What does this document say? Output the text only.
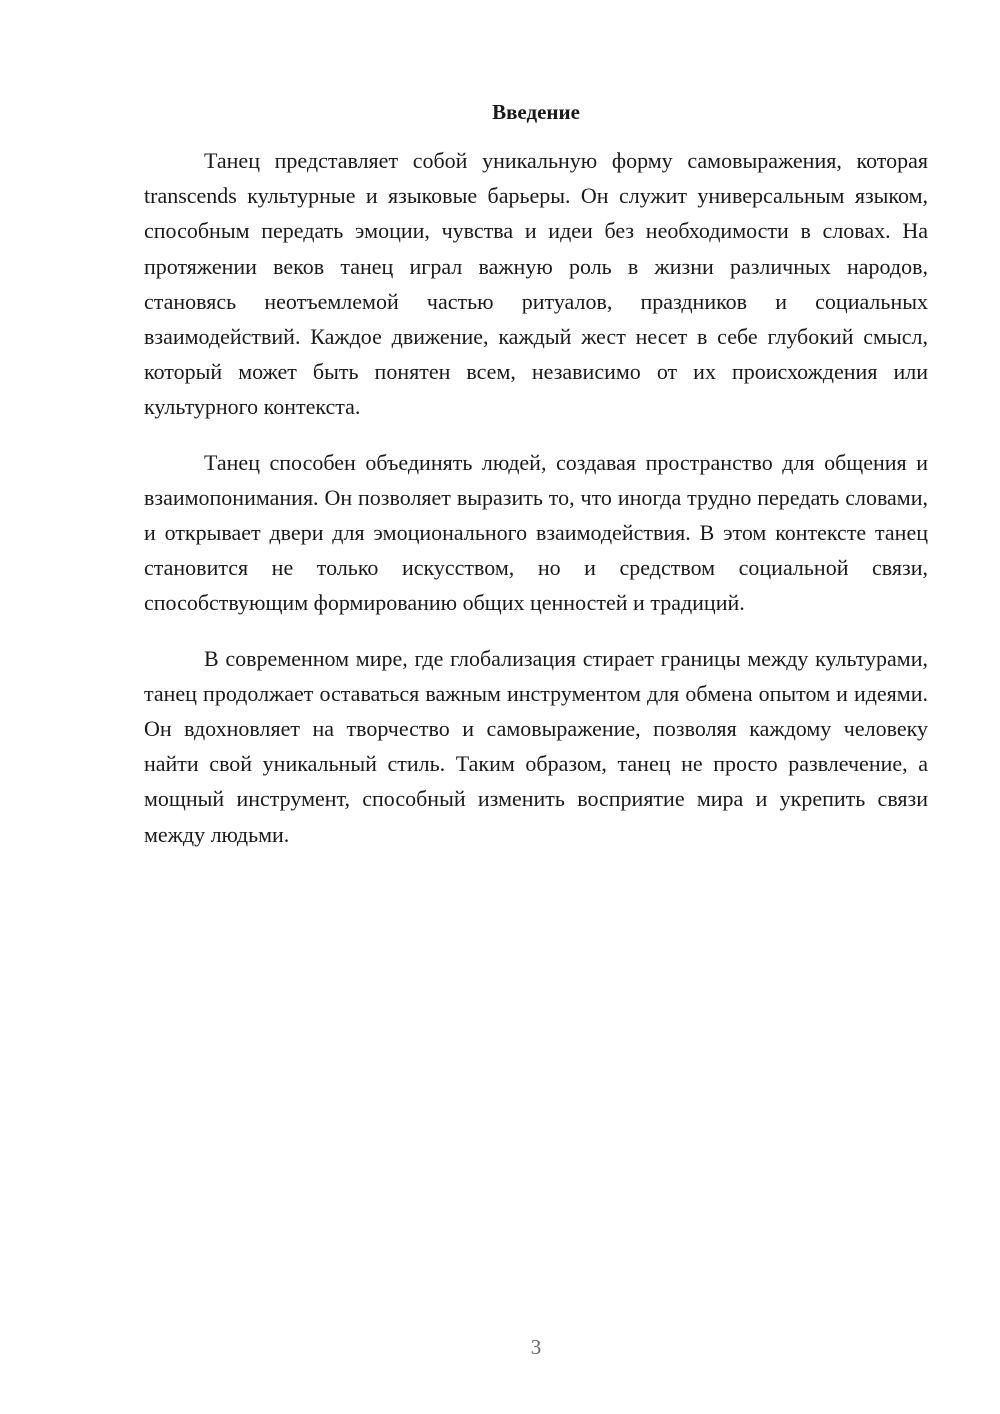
Введение

Танец представляет собой уникальную форму самовыражения, которая transcends культурные и языковые барьеры. Он служит универсальным языком, способным передать эмоции, чувства и идеи без необходимости в словах. На протяжении веков танец играл важную роль в жизни различных народов, становясь неотъемлемой частью ритуалов, праздников и социальных взаимодействий. Каждое движение, каждый жест несет в себе глубокий смысл, который может быть понятен всем, независимо от их происхождения или культурного контекста.

Танец способен объединять людей, создавая пространство для общения и взаимопонимания. Он позволяет выразить то, что иногда трудно передать словами, и открывает двери для эмоционального взаимодействия. В этом контексте танец становится не только искусством, но и средством социальной связи, способствующим формированию общих ценностей и традиций.

В современном мире, где глобализация стирает границы между культурами, танец продолжает оставаться важным инструментом для обмена опытом и идеями. Он вдохновляет на творчество и самовыражение, позволяя каждому человеку найти свой уникальный стиль. Таким образом, танец не просто развлечение, а мощный инструмент, способный изменить восприятие мира и укрепить связи между людьми.

3
